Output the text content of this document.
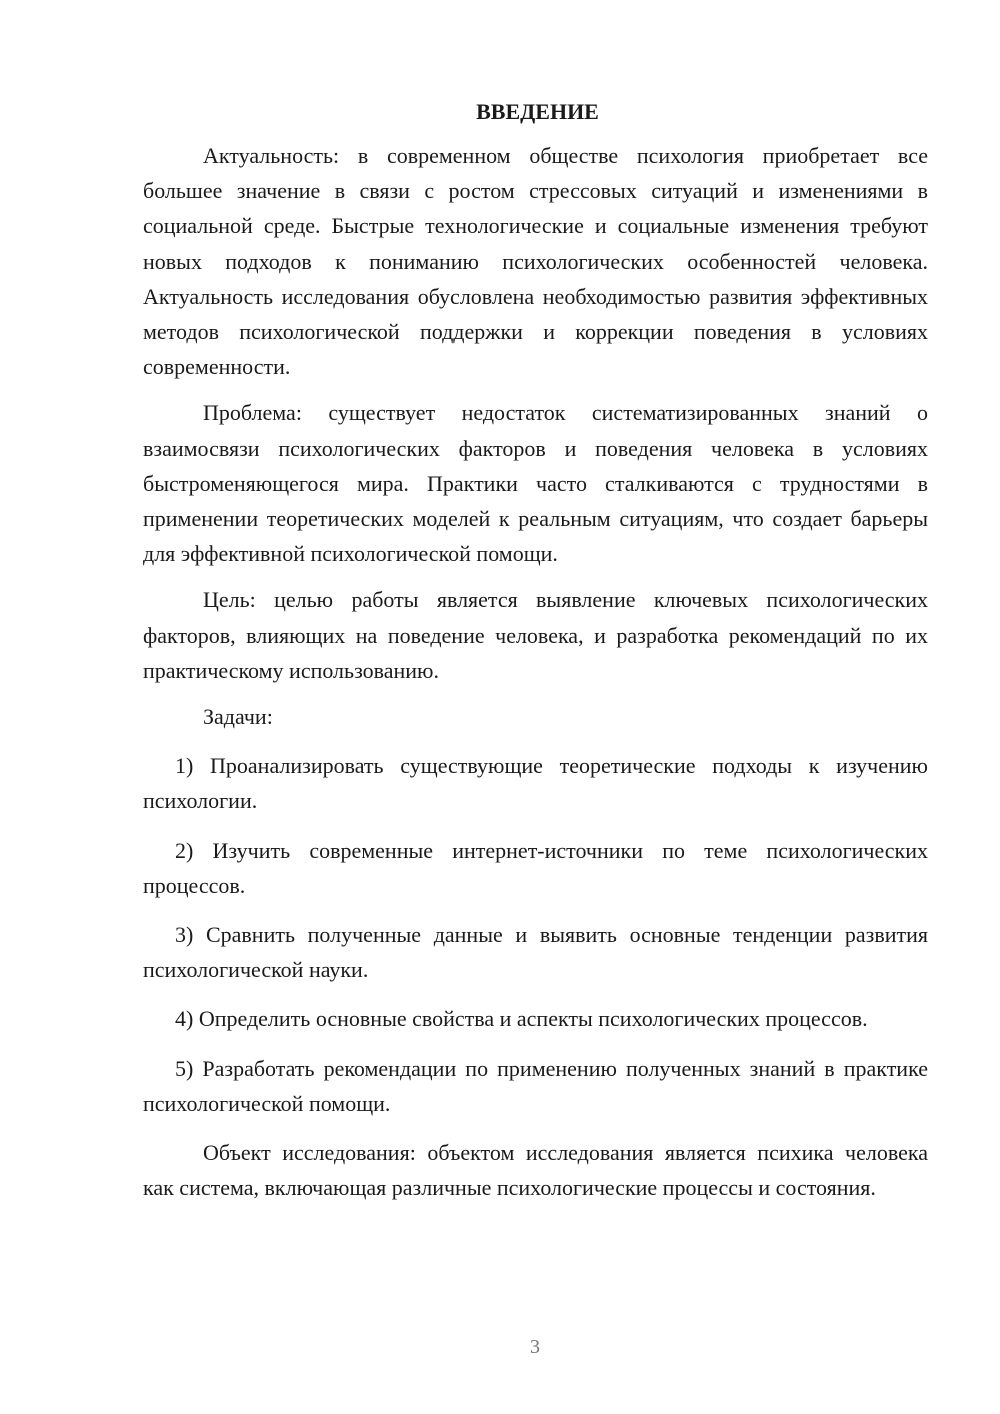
ВВЕДЕНИЕ

Актуальность: в современном обществе психология приобретает все большее значение в связи с ростом стрессовых ситуаций и изменениями в социальной среде. Быстрые технологические и социальные изменения требуют новых подходов к пониманию психологических особенностей человека. Актуальность исследования обусловлена необходимостью развития эффективных методов психологической поддержки и коррекции поведения в условиях современности.

Проблема: существует недостаток систематизированных знаний о взаимосвязи психологических факторов и поведения человека в условиях быстроменяющегося мира. Практики часто сталкиваются с трудностями в применении теоретических моделей к реальным ситуациям, что создает барьеры для эффективной психологической помощи.

Цель: целью работы является выявление ключевых психологических факторов, влияющих на поведение человека, и разработка рекомендаций по их практическому использованию.

Задачи:

1) Проанализировать существующие теоретические подходы к изучению психологии.

2) Изучить современные интернет-источники по теме психологических процессов.

3) Сравнить полученные данные и выявить основные тенденции развития психологической науки.

4) Определить основные свойства и аспекты психологических процессов.

5) Разработать рекомендации по применению полученных знаний в практике психологической помощи.

Объект исследования: объектом исследования является психика человека как система, включающая различные психологические процессы и состояния.

3
